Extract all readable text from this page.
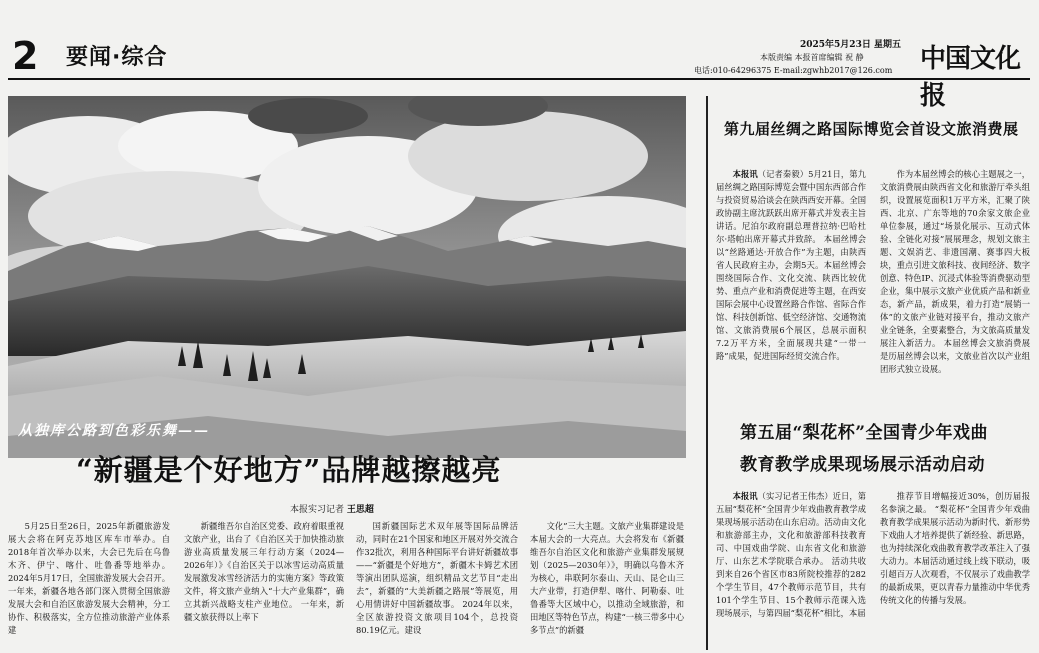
2 要闻·综合	2025年5月23日 星期五
本版责编 本报首席编辑 祝 静
电话:010-64296375 E-mail:zgwhb2017@126.com 中国文化报
从独库公路到色彩乐舞——
“新疆是个好地方”品牌越擦越亮
本报实习记者 王思超

5月25日至26日，2025年新疆旅游发展大会将在阿克苏地区库车市举办。自2018年首次举办以来，大会已先后在乌鲁木齐、伊宁、喀什、吐鲁番等地举办。 2024年5月17日，全国旅游发展大会召开。一年来，新疆各地各部门深入贯彻全国旅游发展大会和自治区旅游发展大会精神，分工协作、积极落实，全方位推动旅游产业体系建

新疆维吾尔自治区党委、政府着眼重视文旅产业，出台了《自治区关于加快推动旅游业高质量发展三年行动方案（2024—2026年）》《自治区关于以冰雪运动高质量发展激发冰雪经济活力的实施方案》等政策文件，将文旅产业纳入“十大产业集群”，确立其新兴战略支柱产业地位。 一年来，新疆文旅获得以上率下

国新疆国际艺术双年展等国际品牌活动，同时在21个国家和地区开展对外交流合作32批次，利用各种国际平台讲好新疆故事——“新疆是个好地方”，新疆木卡姆艺术团等演出团队巡演，组织精品文艺节目“走出去”，新疆的“大美新疆之路展”等展览，用心用情讲好中国新疆故事。 2024年以来，全区旅游投资文旅项目104个，总投资80.19亿元。建设

文化”三大主题。文旅产业集群建设是本届大会的一大亮点。大会将发布《新疆维吾尔自治区文化和旅游产业集群发展规划（2025—2030年）》，明确以乌鲁木齐为核心，串联阿尔泰山、天山、昆仑山三大产业带，打造伊犁、喀什、阿勒泰、吐鲁番等大区域中心，以推动全域旅游，和田地区等特色节点，构建“一核三带多中心多节点”的新疆

第九届丝绸之路国际博览会首设文旅消费展

本报讯（记者秦毅）5月21日，第九届丝绸之路国际博览会暨中国东西部合作与投资贸易洽谈会在陕西西安开幕。全国政协副主席沈跃跃出席开幕式并发表主旨讲话。尼泊尔政府副总理普拉纳·巴哈杜尔·塔帕出席开幕式并致辞。 本届丝博会以“丝路通达·开放合作”为主题，由陕西省人民政府主办，会期5天。本届丝博会围绕国际合作、文化交流、陕西比较优势、重点产业和消费促进等主题，在西安国际会展中心设置丝路合作馆、省际合作馆、科技创新馆、低空经济馆、交通物流馆、文旅消费展6个展区，总展示面积7.2万平方米，全面展现共建“一带一路”成果，促进国际经贸交流合作。

作为本届丝博会的核心主题展之一，文旅消费展由陕西省文化和旅游厅牵头组织，设置展览面积1万平方米，汇聚了陕西、北京、广东等地的70余家文旅企业单位参展，通过“场景化展示、互动式体验、全链化对接”展展理念，规划文旅主题、文娱消艺、非遗国潮、赛事四大板块，重点引进文旅科技、夜间经济、数字创意、特色IP、沉浸式体验等消费驱动型企业，集中展示文旅产业优质产品和新业态，新产品，新成果，着力打造“展销一体”的文旅产业链对接平台，推动文旅产业全链条，全要素整合，为文旅高质量发展注入新活力。 本届丝博会文旅消费展是历届丝博会以来，文旅业首次以产业组团形式独立设展。

第五届“梨花杯”全国青少年戏曲
教育教学成果现场展示活动启动

本报讯（实习记者王伟杰）近日，第五届“梨花杯”全国青少年戏曲教育教学成果现场展示活动在山东启动。活动由文化和旅游部主办，文化和旅游部科技教育司、中国戏曲学院、山东省文化和旅游厅、山东艺术学院联合承办。 活动共收到来自26个省区市83所院校推荐的282个学生节目，47个教师示范节目，共有101个学生节目、15个教师示范课入选现场展示，与第四届“梨花杯”相比，本届

推荐节目增幅接近30%，创历届报名参演之最。 “梨花杯”全国青少年戏曲教育教学成果展示活动为新时代、新形势下戏曲人才培养提供了新经验、新思路，也为持续深化戏曲教育教学改革注入了强大动力。本届活动通过线上线下联动，吸引超百万人次观看，不仅展示了戏曲教学的最新成果，更以青春力量推动中华优秀传统文化的传播与发展。
